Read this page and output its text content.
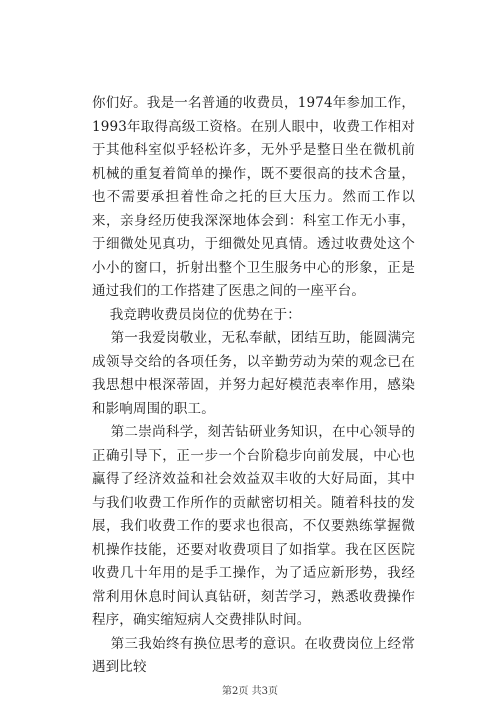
你们好。我是一名普通的收费员，1974年参加工作，1993年取得高级工资格。在别人眼中，收费工作相对于其他科室似乎轻松许多，无外乎是整日坐在微机前机械的重复着简单的操作，既不要很高的技术含量，也不需要承担着性命之托的巨大压力。然而工作以来，亲身经历使我深深地体会到：科室工作无小事，于细微处见真功，于细微处见真情。透过收费处这个小小的窗口，折射出整个卫生服务中心的形象，正是通过我们的工作搭建了医患之间的一座平台。

我竞聘收费员岗位的优势在于：

第一我爱岗敬业，无私奉献，团结互助，能圆满完成领导交给的各项任务，以辛勤劳动为荣的观念已在我思想中根深蒂固，并努力起好模范表率作用，感染和影响周围的职工。

第二崇尚科学，刻苦钻研业务知识，在中心领导的正确引导下，正一步一个台阶稳步向前发展，中心也赢得了经济效益和社会效益双丰收的大好局面，其中与我们收费工作所作的贡献密切相关。随着科技的发展，我们收费工作的要求也很高，不仅要熟练掌握微机操作技能，还要对收费项目了如指掌。我在区医院收费几十年用的是手工操作，为了适应新形势，我经常利用休息时间认真钻研，刻苦学习，熟悉收费操作程序，确实缩短病人交费排队时间。

第三我始终有换位思考的意识。在收费岗位上经常遇到比较

第2页 共3页
